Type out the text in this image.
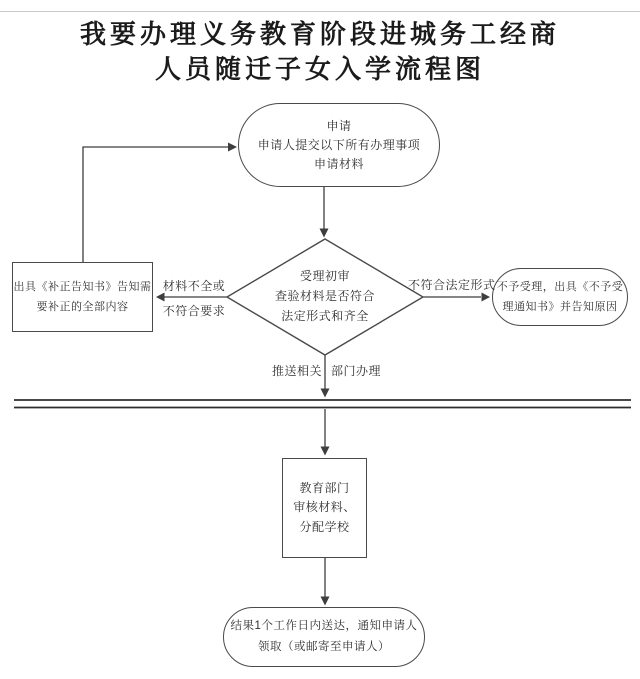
我要办理义务教育阶段进城务工经商
人员随迁子女入学流程图
申请
申请人提交以下所有办理事项
申请材料
受理初审
查验材料是否符合
法定形式和齐全
出具《补正告知书》告知需
要补正的全部内容
不予受理，出具《不予受
理通知书》并告知原因
教育部门
审核材料、
分配学校
结果1个工作日内送达，通知申请人
领取（或邮寄至申请人）
材料不全或
不符合要求
不符合法定形式
推送相关 部门办理
